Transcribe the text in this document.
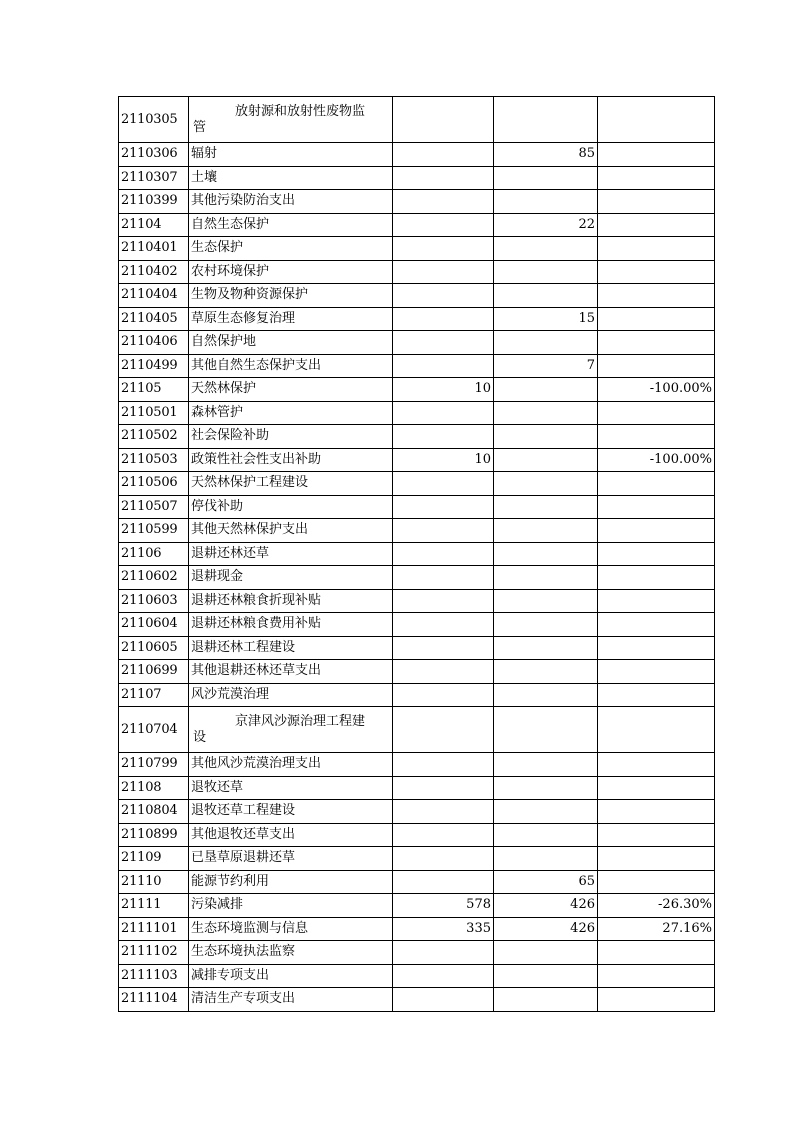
2110305	放射源和放射性废物监
管			

2110306	辐射		85	
2110307	土壤			
2110399	其他污染防治支出			
21104	自然生态保护		22	
2110401	生态保护			
2110402	农村环境保护			
2110404	生物及物种资源保护			
2110405	草原生态修复治理		15	
2110406	自然保护地			
2110499	其他自然生态保护支出		7	
21105	天然林保护	10		-100.00%
2110501	森林管护			
2110502	社会保险补助			
2110503	政策性社会性支出补助	10		-100.00%
2110506	天然林保护工程建设			
2110507	停伐补助			
2110599	其他天然林保护支出			
21106	退耕还林还草			
2110602	退耕现金			
2110603	退耕还林粮食折现补贴			
2110604	退耕还林粮食费用补贴			
2110605	退耕还林工程建设			
2110699	其他退耕还林还草支出			
21107	风沙荒漠治理			
2110704	京津风沙源治理工程建
设			

2110799	其他风沙荒漠治理支出			
21108	退牧还草			
2110804	退牧还草工程建设			
2110899	其他退牧还草支出			
21109	已垦草原退耕还草			
21110	能源节约利用		65	
21111	污染减排	578	426	-26.30%
2111101	生态环境监测与信息	335	426	27.16%
2111102	生态环境执法监察			
2111103	减排专项支出			
2111104	清洁生产专项支出			
